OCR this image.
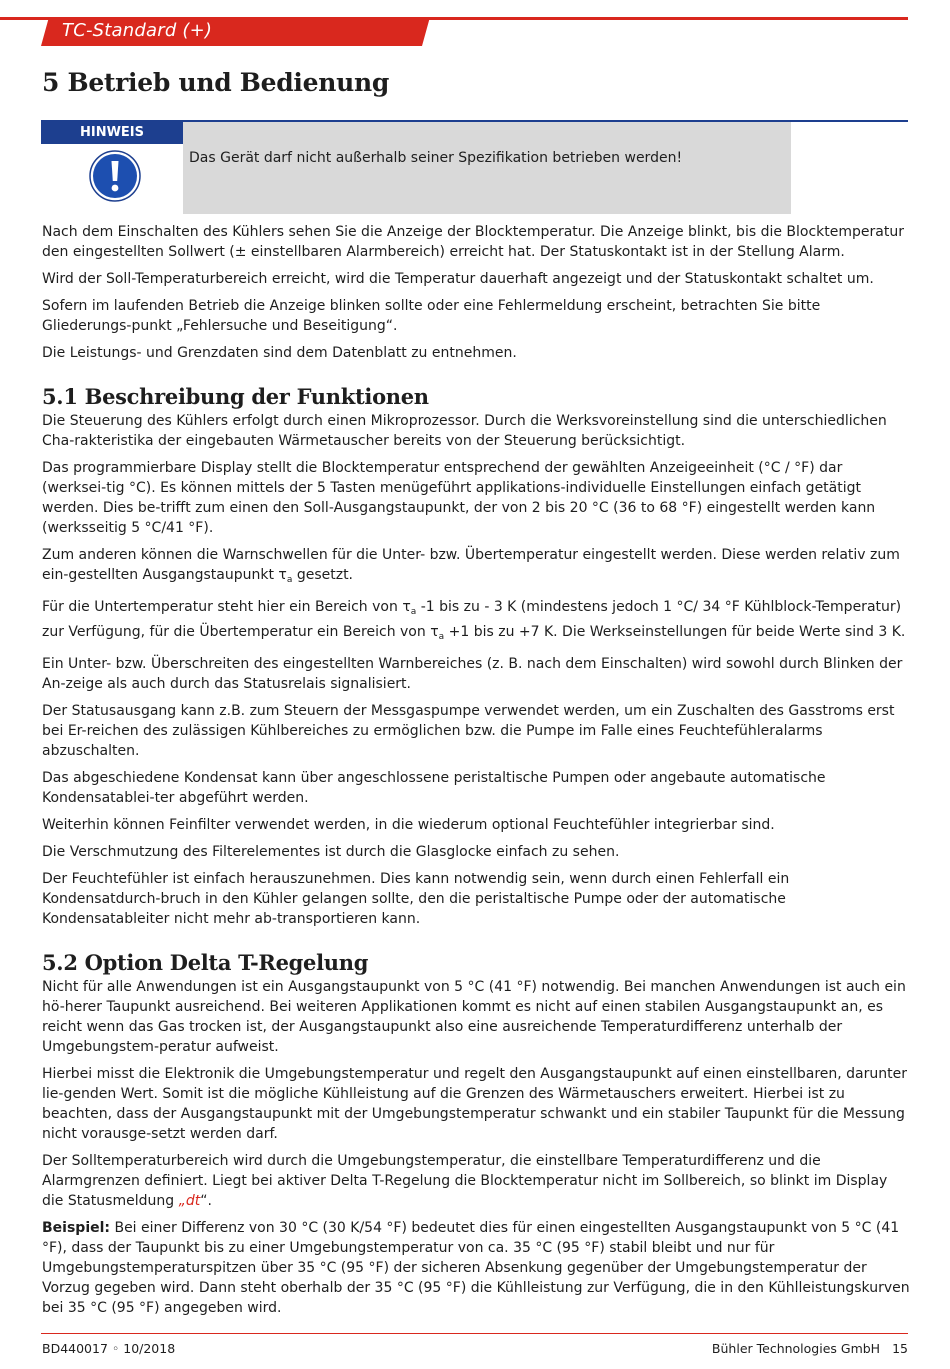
TC-Standard (+)
5 Betrieb und Bedienung
HINWEIS
Das Gerät darf nicht außerhalb seiner Spezifikation betrieben werden!

Nach dem Einschalten des Kühlers sehen Sie die Anzeige der Blocktemperatur. Die Anzeige blinkt, bis die Blocktemperatur den eingestellten Sollwert (± einstellbaren Alarmbereich) erreicht hat. Der Statuskontakt ist in der Stellung Alarm.

Wird der Soll-Temperaturbereich erreicht, wird die Temperatur dauerhaft angezeigt und der Statuskontakt schaltet um.

Sofern im laufenden Betrieb die Anzeige blinken sollte oder eine Fehlermeldung erscheint, betrachten Sie bitte Gliederungs-punkt „Fehlersuche und Beseitigung“.

Die Leistungs- und Grenzdaten sind dem Datenblatt zu entnehmen.

5.1 Beschreibung der Funktionen

Die Steuerung des Kühlers erfolgt durch einen Mikroprozessor. Durch die Werksvoreinstellung sind die unterschiedlichen Cha-rakteristika der eingebauten Wärmetauscher bereits von der Steuerung berücksichtigt.

Das programmierbare Display stellt die Blocktemperatur entsprechend der gewählten Anzeigeeinheit (°C / °F) dar (werksei-tig °C). Es können mittels der 5 Tasten menügeführt applikations-individuelle Einstellungen einfach getätigt werden. Dies be-trifft zum einen den Soll-Ausgangstaupunkt, der von 2 bis 20 °C (36 to 68 °F) eingestellt werden kann (werksseitig 5 °C/41 °F).

Zum anderen können die Warnschwellen für die Unter- bzw. Übertemperatur eingestellt werden. Diese werden relativ zum ein-gestellten Ausgangstaupunkt $\tau_a$ gesetzt.

Für die Untertemperatur steht hier ein Bereich von $\tau_a$ -1 bis zu - 3 K (mindestens jedoch 1 °C/ 34 °F Kühlblock-Temperatur) zur Verfügung, für die Übertemperatur ein Bereich von $\tau_a +1$ bis zu +7 K. Die Werkseinstellungen für beide Werte sind 3 K.

Ein Unter- bzw. Überschreiten des eingestellten Warnbereiches (z. B. nach dem Einschalten) wird sowohl durch Blinken der An-zeige als auch durch das Statusrelais signalisiert.

Der Statusausgang kann z.B. zum Steuern der Messgaspumpe verwendet werden, um ein Zuschalten des Gasstroms erst bei Er-reichen des zulässigen Kühlbereiches zu ermöglichen bzw. die Pumpe im Falle eines Feuchtefühleralarms abzuschalten.

Das abgeschiedene Kondensat kann über angeschlossene peristaltische Pumpen oder angebaute automatische Kondensatablei-ter abgeführt werden.

Weiterhin können Feinfilter verwendet werden, in die wiederum optional Feuchtefühler integrierbar sind.

Die Verschmutzung des Filterelementes ist durch die Glasglocke einfach zu sehen.

Der Feuchtefühler ist einfach herauszunehmen. Dies kann notwendig sein, wenn durch einen Fehlerfall ein Kondensatdurch-bruch in den Kühler gelangen sollte, den die peristaltische Pumpe oder der automatische Kondensatableiter nicht mehr ab-transportieren kann.

5.2 Option Delta T-Regelung

Nicht für alle Anwendungen ist ein Ausgangstaupunkt von 5 °C (41 °F) notwendig. Bei manchen Anwendungen ist auch ein hö-herer Taupunkt ausreichend. Bei weiteren Applikationen kommt es nicht auf einen stabilen Ausgangstaupunkt an, es reicht wenn das Gas trocken ist, der Ausgangstaupunkt also eine ausreichende Temperaturdifferenz unterhalb der Umgebungstem-peratur aufweist.

Hierbei misst die Elektronik die Umgebungstemperatur und regelt den Ausgangstaupunkt auf einen einstellbaren, darunter lie-genden Wert. Somit ist die mögliche Kühlleistung auf die Grenzen des Wärmetauschers erweitert. Hierbei ist zu beachten, dass der Ausgangstaupunkt mit der Umgebungstemperatur schwankt und ein stabiler Taupunkt für die Messung nicht vorausge-setzt werden darf.

Der Solltemperaturbereich wird durch die Umgebungstemperatur, die einstellbare Temperaturdifferenz und die Alarmgrenzen definiert. Liegt bei aktiver Delta T-Regelung die Blocktemperatur nicht im Sollbereich, so blinkt im Display die Statusmeldung „dt“.

Beispiel: Bei einer Differenz von 30 °C (30 K/54 °F) bedeutet dies für einen eingestellten Ausgangstaupunkt von 5 °C (41 °F), dass der Taupunkt bis zu einer Umgebungstemperatur von ca. 35 °C (95 °F) stabil bleibt und nur für Umgebungstemperaturspitzen über 35 °C (95 °F) der sicheren Absenkung gegenüber der Umgebungstemperatur der Vorzug gegeben wird. Dann steht oberhalb der 35 °C (95 °F) die Kühlleistung zur Verfügung, die in den Kühlleistungskurven bei 35 °C (95 °F) angegeben wird.

BD440017 ◦ 10/2018	Bühler Technologies GmbH 15
